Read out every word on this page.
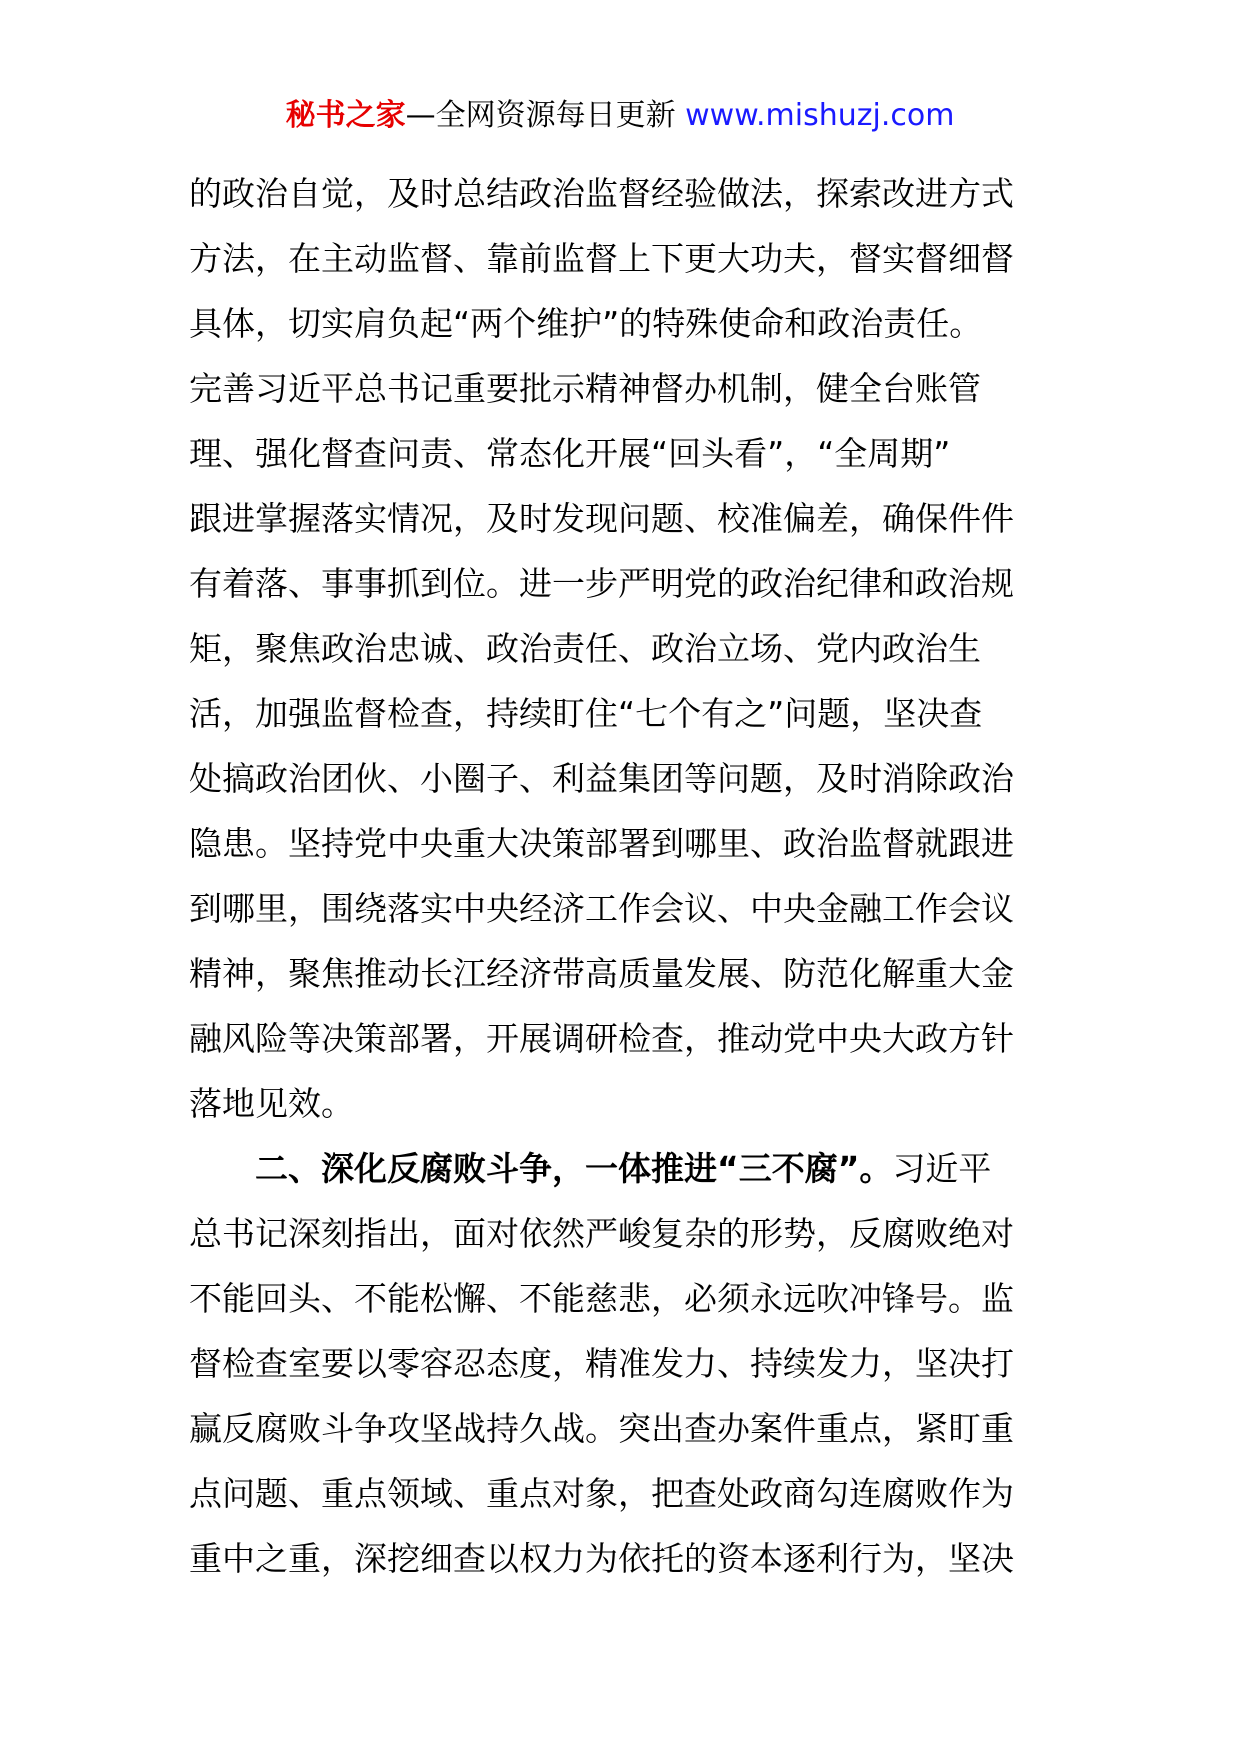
秘书之家—全网资源每日更新 www.mishuzj.com
的政治自觉，及时总结政治监督经验做法，探索改进方式
方法，在主动监督、靠前监督上下更大功夫，督实督细督
具体，切实肩负起“两个维护”的特殊使命和政治责任。
完善习近平总书记重要批示精神督办机制，健全台账管
理、强化督查问责、常态化开展“回头看”，“全周期”
跟进掌握落实情况，及时发现问题、校准偏差，确保件件
有着落、事事抓到位。进一步严明党的政治纪律和政治规
矩，聚焦政治忠诚、政治责任、政治立场、党内政治生
活，加强监督检查，持续盯住“七个有之”问题，坚决查
处搞政治团伙、小圈子、利益集团等问题，及时消除政治
隐患。坚持党中央重大决策部署到哪里、政治监督就跟进
到哪里，围绕落实中央经济工作会议、中央金融工作会议
精神，聚焦推动长江经济带高质量发展、防范化解重大金
融风险等决策部署，开展调研检查，推动党中央大政方针
落地见效。
二、深化反腐败斗争，一体推进“三不腐”。习近平
总书记深刻指出，面对依然严峻复杂的形势，反腐败绝对
不能回头、不能松懈、不能慈悲，必须永远吹冲锋号。监
督检查室要以零容忍态度，精准发力、持续发力，坚决打
赢反腐败斗争攻坚战持久战。突出查办案件重点，紧盯重
点问题、重点领域、重点对象，把查处政商勾连腐败作为
重中之重，深挖细查以权力为依托的资本逐利行为，坚决
